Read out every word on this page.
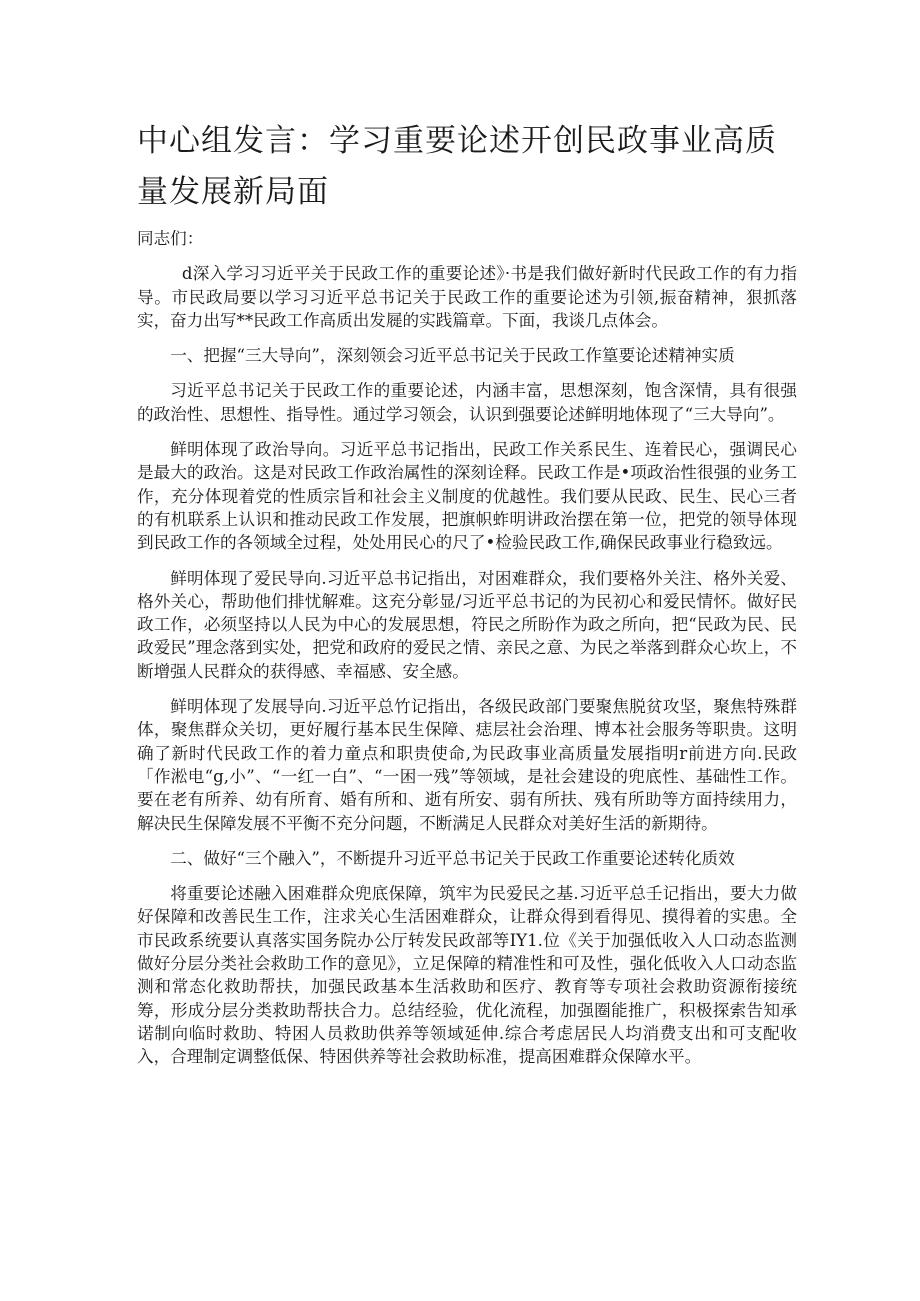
中心组发言：学习重要论述开创民政事业高质量发展新局面

同志们：

d深入学习习近平关于民政工作的重要论述》·书是我们做好新时代民政工作的有力指导。市民政局要以学习习近平总书记关于民政工作的重要论述为引领,振奋精神，狠抓落实，奋力出写**民政工作高质出发屣的实践篇章。下面，我谈几点体会。

一、把握“三大导向”，深刻领会习近平总书记关于民政工作篁要论述精神实质

习近平总书记关于民政工作的重要论述，内涵丰富，思想深刻，饱含深情，具有很强的政治性、思想性、指导性。通过学习领会，认识到强要论述鲜明地体现了“三大导向”。

鲜明体现了政治导向。习近平总书记指出，民政工作关系民生、连着民心，强调民心是最大的政治。这是对民政工作政治属性的深刻诠释。民政工作是•项政治性很强的业务工作，充分体现着党的性质宗旨和社会主义制度的优越性。我们要从民政、民生、民心三者的有机联系上认识和推动民政工作发展，把旗帜蚱明讲政治摆在第一位，把党的领导体现到民政工作的各领域全过程，处处用民心的尺了•检验民政工作,确保民政事业行稳致远。

鲜明体现了爱民导向.习近平总书记指出，对困难群众，我们要格外关注、格外关爱、格外关心，帮助他们排忧解难。这充分彰显/习近平总书记的为民初心和爱民情怀。做好民政工作，必须坚持以人民为中心的发展思想，符民之所盼作为政之所向，把“民政为民、民政爱民”理念落到实处，把党和政府的爱民之情、亲民之意、为民之举落到群众心坎上，不断增强人民群众的获得感、幸福感、安全感。

鲜明体现了发展导向.习近平总竹记指出，各级民政部门要聚焦脱贫攻坚，聚焦特殊群体，聚焦群众关切，更好履行基本民生保障、痣层社会治理、博本社会服务等职贵。这明确了新时代民政工作的着力童点和职贵使命,为民政事业高质量发展指明r前进方向.民政「作淞电“g,小”、“一红一白”、“一困一残”等领域，是社会建设的兜底性、基础性工作。要在老有所养、幼有所育、婚有所和、逝有所安、弱有所扶、残有所助等方面持续用力，解决民生保障发展不平衡不充分问题，不断满足人民群众对美好生活的新期待。

二、做好“三个融入”，不断提升习近平总书记关于民政工作重要论述转化质效

将重要论述融入困难群众兜底保障，筑牢为民爱民之基.习近平总壬记指出，要大力做好保障和改善民生工作，注求关心生活困难群众，让群众得到看得见、摸得着的实患。全市民政系统要认真落实国务院办公厅转发民政部等IY1.位《关于加强低收入人口动态监测做好分层分类社会救助工作的意见》，立足保障的精准性和可及性，强化低收入人口动态监测和常态化救助帮扶，加强民政基本生活救助和医疗、教育等专项社会救助资源衔接统筹，形成分层分类救助帮扶合力。总结经验，优化流程，加强圈能推广，积极探索告知承诺制向临时救助、特困人员救助供养等领域延伸.综合考虑居民人均消费支出和可支配收入，合理制定调整低保、特困供养等社会救助标准，提高困难群众保障水平。
